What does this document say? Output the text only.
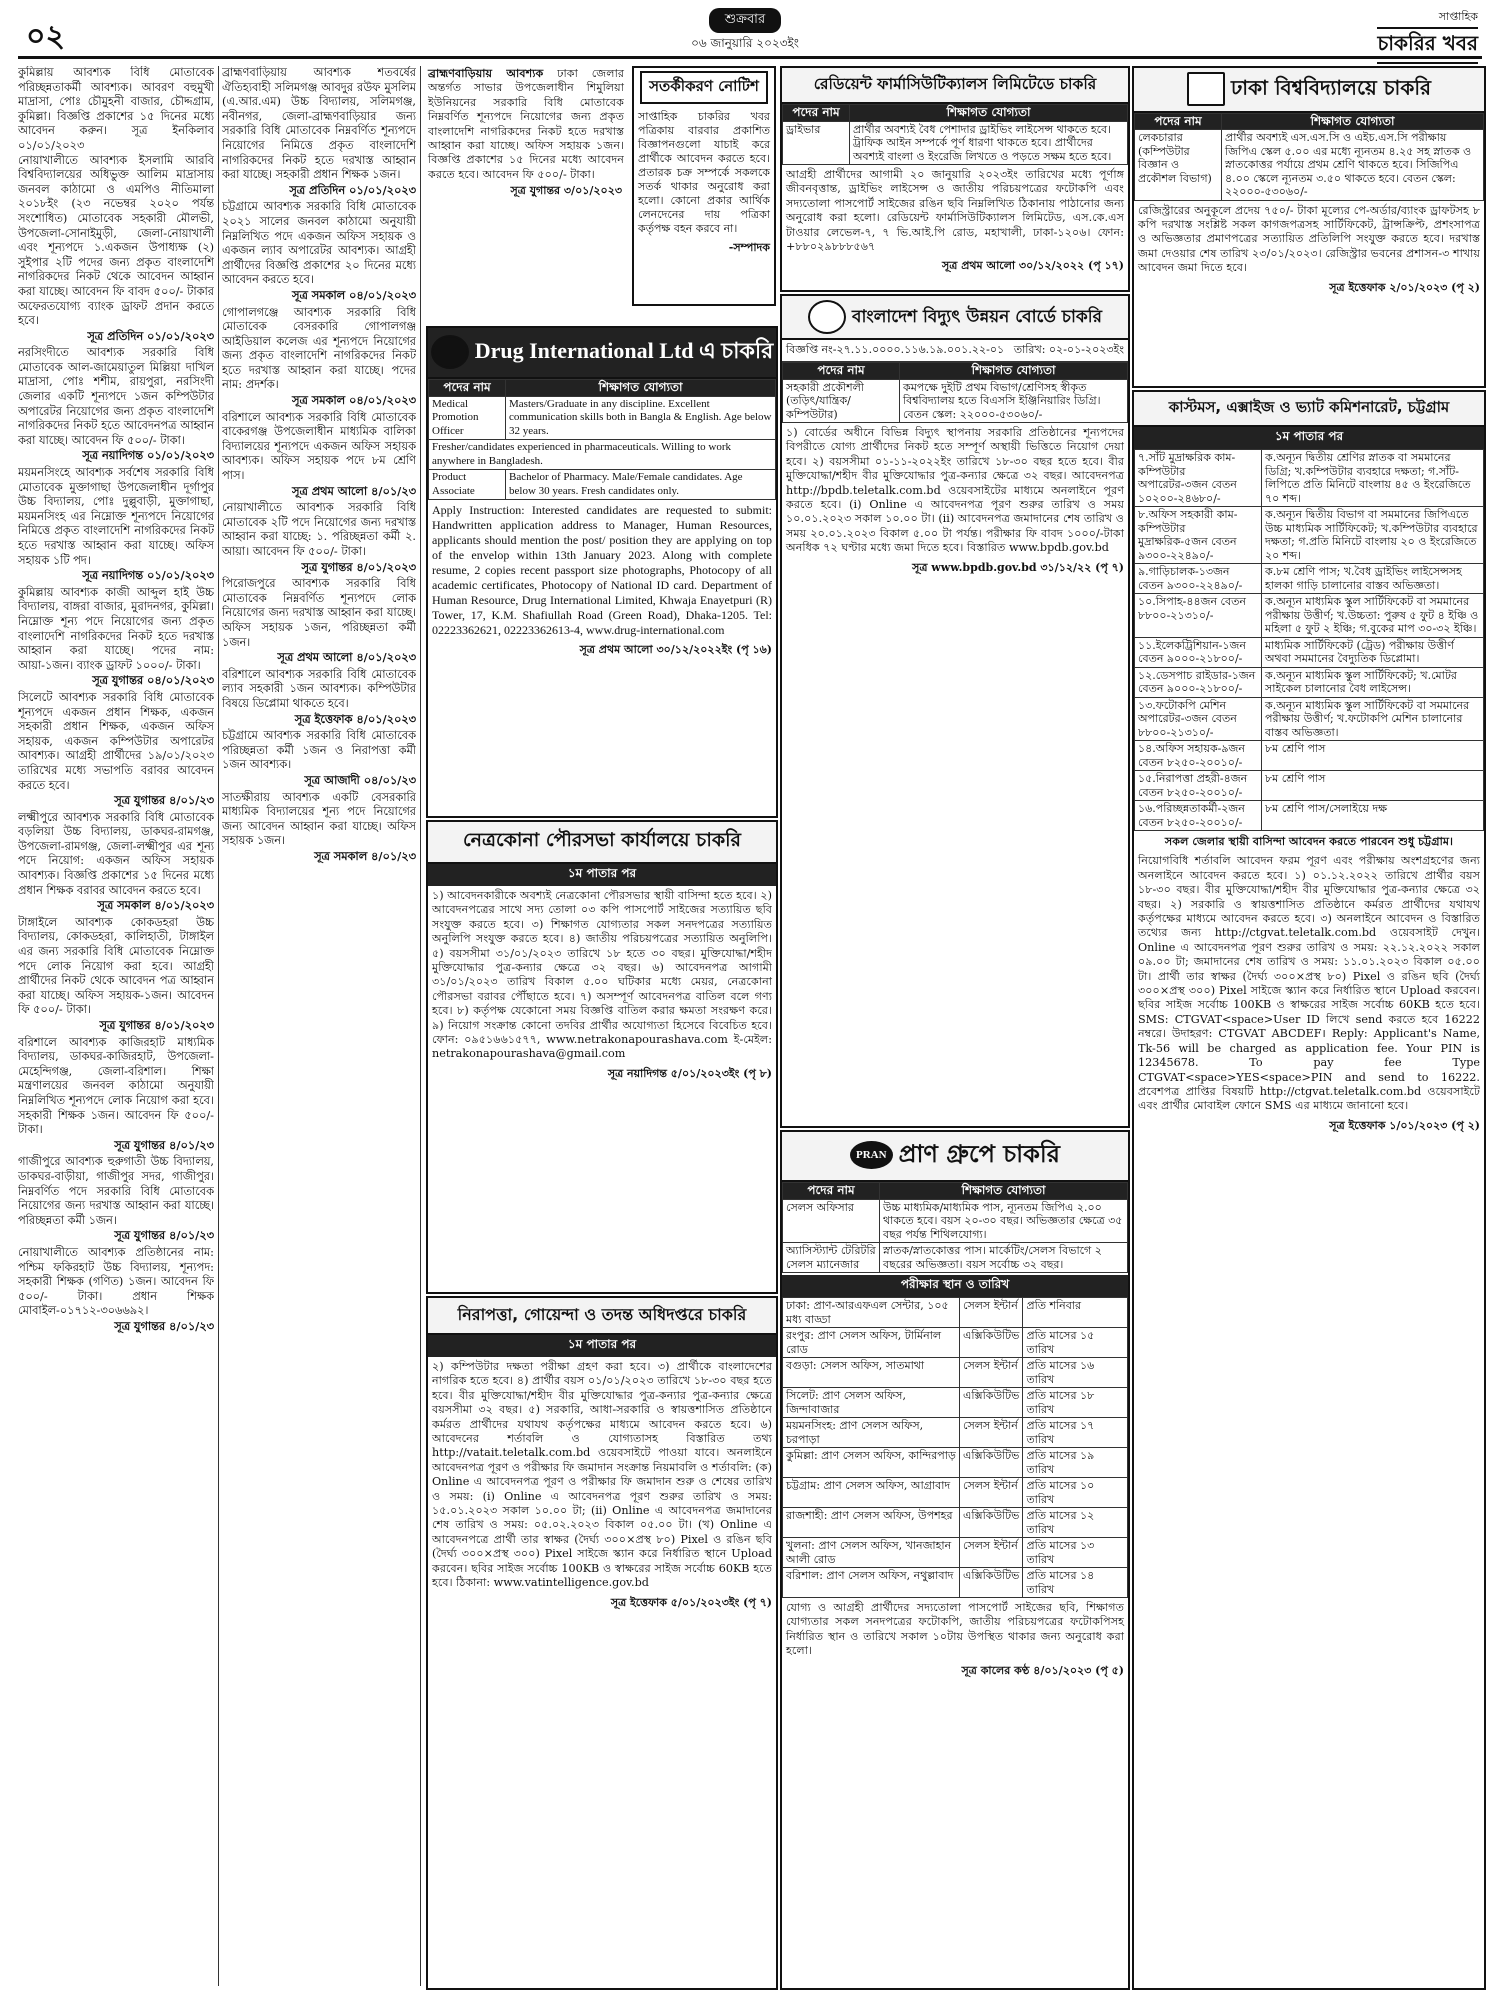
০২	শুক্রবার
০৬ জানুয়ারি ২০২৩ইং
সাপ্তাহিক
চাকরির খবর

কুমিল্লায় আবশ্যক বিধি মোতাবেক পরিচ্ছন্নতাকর্মী আবশ্যক। আবরণ বহুমুখী মাদ্রাসা, পোঃ চৌমুহনী বাজার, চৌদ্দগ্রাম, কুমিল্লা। বিজ্ঞপ্তি প্রকাশের ১৫ দিনের মধ্যে আবেদন করুন। সূত্র ইনকিলাব ০১/০১/২০২৩

নোয়াখালীতে আবশ্যক ইসলামি আরবি বিশ্ববিদ্যালয়ের অধিভুক্ত আলিম মাদ্রাসায় জনবল কাঠামো ও এমপিও নীতিমালা ২০১৮ইং (২৩ নভেম্বর ২০২০ পর্যন্ত সংশোধিত) মোতাবেক সহকারী মৌলভী, উপজেলা-সোনাইমুড়ী, জেলা-নোয়াখালী এবং শূন্যপদে ১.একজন উপাধ্যক্ষ (২) সুইপার ২টি পদের জন্য প্রকৃত বাংলাদেশি নাগরিকদের নিকট থেকে আবেদন আহ্বান করা যাচ্ছে। আবেদন ফি বাবদ ৫০০/- টাকার অফেরতযোগ্য ব্যাংক ড্রাফট প্রদান করতে হবে।

সূত্র প্রতিদিন ০১/০১/২০২৩

নরসিংদীতে আবশ্যক সরকারি বিধি মোতাবেক আল-জামেয়াতুল মিল্লিয়া দাখিল মাদ্রাসা, পোঃ শশীম, রায়পুরা, নরসিংদী জেলার একটি শূন্যপদে ১জন কম্পিউটার অপারেটর নিয়োগের জন্য প্রকৃত বাংলাদেশি নাগরিকদের নিকট হতে আবেদনপত্র আহ্বান করা যাচ্ছে। আবেদন ফি ৫০০/- টাকা।

সূত্র নয়াদিগন্ত ০১/০১/২০২৩

ময়মনসিংহে আবশ্যক সর্বশেষ সরকারি বিধি মোতাবেক মুক্তাগাছা উপজেলাধীন দূর্গাপুর উচ্চ বিদ্যালয়, পোঃ দুল্লুবাড়ী, মুক্তাগাছা, ময়মনসিংহ এর নিম্নোক্ত শূন্যপদে নিয়োগের নিমিত্তে প্রকৃত বাংলাদেশি নাগরিকদের নিকট হতে দরখাস্ত আহ্বান করা যাচ্ছে। অফিস সহায়ক ১টি পদ।

সূত্র নয়াদিগন্ত ০১/০১/২০২৩

কুমিল্লায় আবশ্যক কাজী আব্দুল হাই উচ্চ বিদ্যালয়, বাঙ্গরা বাজার, মুরাদনগর, কুমিল্লা। নিম্নোক্ত শূন্য পদে নিয়োগের জন্য প্রকৃত বাংলাদেশি নাগরিকদের নিকট হতে দরখাস্ত আহ্বান করা যাচ্ছে। পদের নাম: আয়া-১জন। ব্যাংক ড্রাফট ১০০০/- টাকা।

সূত্র যুগান্তর ০৪/০১/২০২৩

সিলেটে আবশ্যক সরকারি বিধি মোতাবেক শূন্যপদে একজন প্রধান শিক্ষক, একজন সহকারী প্রধান শিক্ষক, একজন অফিস সহায়ক, একজন কম্পিউটার অপারেটর আবশ্যক। আগ্রহী প্রার্থীদের ১৯/০১/২০২৩ তারিখের মধ্যে সভাপতি বরাবর আবেদন করতে হবে।

সূত্র যুগান্তর ৪/০১/২৩

লক্ষ্মীপুরে আবশ্যক সরকারি বিধি মোতাবেক বড়লিয়া উচ্চ বিদ্যালয়, ডাকঘর-রামগঞ্জ, উপজেলা-রামগঞ্জ, জেলা-লক্ষ্মীপুর এর শূন্য পদে নিয়োগ: একজন অফিস সহায়ক আবশ্যক। বিজ্ঞপ্তি প্রকাশের ১৫ দিনের মধ্যে প্রধান শিক্ষক বরাবর আবেদন করতে হবে।

সূত্র সমকাল ৪/০১/২০২৩

টাঙ্গাইলে আবশ্যক কোকডহরা উচ্চ বিদ্যালয়, কোকডহরা, কালিহাতী, টাঙ্গাইল এর জন্য সরকারি বিধি মোতাবেক নিম্নোক্ত পদে লোক নিয়োগ করা হবে। আগ্রহী প্রার্থীদের নিকট থেকে আবেদন পত্র আহ্বান করা যাচ্ছে। অফিস সহায়ক-১জন। আবেদন ফি ৫০০/- টাকা।

সূত্র যুগান্তর ৪/০১/২০২৩

বরিশালে আবশ্যক কাজিরহাট মাধ্যমিক বিদ্যালয়, ডাকঘর-কাজিরহাট, উপজেলা-মেহেন্দিগঞ্জ, জেলা-বরিশাল। শিক্ষা মন্ত্রণালয়ের জনবল কাঠামো অনুযায়ী নিম্নলিখিত শূন্যপদে লোক নিয়োগ করা হবে। সহকারী শিক্ষক ১জন। আবেদন ফি ৫০০/- টাকা।

সূত্র যুগান্তর ৪/০১/২৩

গাজীপুরে আবশ্যক হুরুগাতী উচ্চ বিদ্যালয়, ডাকঘর-বাড়ীয়া, গাজীপুর সদর, গাজীপুর। নিম্নবর্ণিত পদে সরকারি বিধি মোতাবেক নিয়োগের জন্য দরখাস্ত আহ্বান করা যাচ্ছে। পরিচ্ছন্নতা কর্মী ১জন।

সূত্র যুগান্তর ৪/০১/২৩

নোয়াখালীতে আবশ্যক প্রতিষ্ঠানের নাম: পশ্চিম ফকিরহাট উচ্চ বিদ্যালয়, শূন্যপদ: সহকারী শিক্ষক (গণিত) ১জন। আবেদন ফি ৫০০/- টাকা। প্রধান শিক্ষক মোবাইল-০১৭১২-৩০৬৬৯২।

সূত্র যুগান্তর ৪/০১/২৩

ব্রাহ্মণবাড়িয়ায় আবশ্যক শতবর্ষের ঐতিহ্যবাহী সলিমগঞ্জ আবদুর রউফ মুসলিম (এ.আর.এম) উচ্চ বিদ্যালয়, সলিমগঞ্জ, নবীনগর, জেলা-ব্রাহ্মণবাড়িয়ার জন্য সরকারি বিধি মোতাবেক নিম্নবর্ণিত শূন্যপদে নিয়োগের নিমিত্তে প্রকৃত বাংলাদেশি নাগরিকদের নিকট হতে দরখাস্ত আহ্বান করা যাচ্ছে। সহকারী প্রধান শিক্ষক ১জন।

সূত্র প্রতিদিন ০১/০১/২০২৩

চট্টগ্রামে আবশ্যক সরকারি বিধি মোতাবেক ২০২১ সালের জনবল কাঠামো অনুযায়ী নিম্নলিখিত পদে একজন অফিস সহায়ক ও একজন ল্যাব অপারেটর আবশ্যক। আগ্রহী প্রার্থীদের বিজ্ঞপ্তি প্রকাশের ২০ দিনের মধ্যে আবেদন করতে হবে।

সূত্র সমকাল ০৪/০১/২০২৩

গোপালগঞ্জে আবশ্যক সরকারি বিধি মোতাবেক বেসরকারি গোপালগঞ্জ আইডিয়াল কলেজ এর শূন্যপদে নিয়োগের জন্য প্রকৃত বাংলাদেশি নাগরিকদের নিকট হতে দরখাস্ত আহ্বান করা যাচ্ছে। পদের নাম: প্রদর্শক।

সূত্র সমকাল ০৪/০১/২০২৩

বরিশালে আবশ্যক সরকারি বিধি মোতাবেক বাকেরগঞ্জ উপজেলাধীন মাধ্যমিক বালিকা বিদ্যালয়ের শূন্যপদে একজন অফিস সহায়ক আবশ্যক। অফিস সহায়ক পদে ৮ম শ্রেণি পাস।

সূত্র প্রথম আলো ৪/০১/২৩

নোয়াখালীতে আবশ্যক সরকারি বিধি মোতাবেক ২টি পদে নিয়োগের জন্য দরখাস্ত আহ্বান করা যাচ্ছে: ১. পরিচ্ছন্নতা কর্মী ২. আয়া। আবেদন ফি ৫০০/- টাকা।

সূত্র যুগান্তর ৪/০১/২০২৩

পিরোজপুরে আবশ্যক সরকারি বিধি মোতাবেক নিম্নবর্ণিত শূন্যপদে লোক নিয়োগের জন্য দরখাস্ত আহ্বান করা যাচ্ছে। অফিস সহায়ক ১জন, পরিচ্ছন্নতা কর্মী ১জন।

সূত্র প্রথম আলো ৪/০১/২০২৩

বরিশালে আবশ্যক সরকারি বিধি মোতাবেক ল্যাব সহকারী ১জন আবশ্যক। কম্পিউটার বিষয়ে ডিপ্লোমা থাকতে হবে।

সূত্র ইত্তেফাক ৪/০১/২০২৩

চট্টগ্রামে আবশ্যক সরকারি বিধি মোতাবেক পরিচ্ছন্নতা কর্মী ১জন ও নিরাপত্তা কর্মী ১জন আবশ্যক।

সূত্র আজাদী ০৪/০১/২৩

সাতক্ষীরায় আবশ্যক একটি বেসরকারি মাধ্যমিক বিদ্যালয়ের শূন্য পদে নিয়োগের জন্য আবেদন আহ্বান করা যাচ্ছে। অফিস সহায়ক ১জন।

সূত্র সমকাল ৪/০১/২৩

ব্রাহ্মণবাড়িয়ায় আবশ্যক ঢাকা জেলার অন্তর্গত সাভার উপজেলাধীন শিমুলিয়া ইউনিয়নের সরকারি বিধি মোতাবেক নিম্নবর্ণিত শূন্যপদে নিয়োগের জন্য প্রকৃত বাংলাদেশি নাগরিকদের নিকট হতে দরখাস্ত আহ্বান করা যাচ্ছে। অফিস সহায়ক ১জন। বিজ্ঞপ্তি প্রকাশের ১৫ দিনের মধ্যে আবেদন করতে হবে। আবেদন ফি ৫০০/- টাকা।
সূত্র যুগান্তর ৩/০১/২০২৩
সতর্কীকরণ নোটিশ
সাপ্তাহিক চাকরির খবর পত্রিকায় বারবার প্রকাশিত বিজ্ঞাপনগুলো যাচাই করে প্রার্থীকে আবেদন করতে হবে। প্রতারক চক্র সম্পর্কে সকলকে সতর্ক থাকার অনুরোধ করা হলো। কোনো প্রকার আর্থিক লেনদেনের দায় পত্রিকা কর্তৃপক্ষ বহন করবে না।
-সম্পাদক
Drug International Ltd এ চাকরি
পদের নাম	শিক্ষাগত যোগ্যতা
Medical Promotion Officer	Masters/Graduate in any discipline. Excellent communication skills both in Bangla & English. Age below 32 years.
Fresher/candidates experienced in pharmaceuticals. Willing to work anywhere in Bangladesh.	
Product Associate	Bachelor of Pharmacy. Male/Female candidates. Age below 30 years. Fresh candidates only.
Apply Instruction: Interested candidates are requested to submit: Handwritten application address to Manager, Human Resources, applicants should mention the post/ position they are applying on top of the envelop within 13th January 2023. Along with complete resume, 2 copies recent passport size photographs, Photocopy of all academic certificates, Photocopy of National ID card. Department of Human Resource, Drug International Limited, Khwaja Enayetpuri (R) Tower, 17, K.M. Shafiullah Road (Green Road), Dhaka-1205. Tel: 02223362621, 02223362613-4, www.drug-international.com
সূত্র প্রথম আলো ৩০/১২/২০২২ইং (পৃ ১৬)
নেত্রকোনা পৌরসভা কার্যালয়ে চাকরি
১ম পাতার পর
১) আবেদনকারীকে অবশ্যই নেত্রকোনা পৌরসভার স্থায়ী বাসিন্দা হতে হবে। ২) আবেদনপত্রের সাথে সদ্য তোলা ০৩ কপি পাসপোর্ট সাইজের সত্যায়িত ছবি সংযুক্ত করতে হবে। ৩) শিক্ষাগত যোগ্যতার সকল সনদপত্রের সত্যায়িত অনুলিপি সংযুক্ত করতে হবে। ৪) জাতীয় পরিচয়পত্রের সত্যায়িত অনুলিপি। ৫) বয়সসীমা ৩১/০১/২০২৩ তারিখে ১৮ হতে ৩০ বছর। মুক্তিযোদ্ধা/শহীদ মুক্তিযোদ্ধার পুত্র-কন্যার ক্ষেত্রে ৩২ বছর। ৬) আবেদনপত্র আগামী ৩১/০১/২০২৩ তারিখ বিকাল ৫.০০ ঘটিকার মধ্যে মেয়র, নেত্রকোনা পৌরসভা বরাবর পৌঁছাতে হবে। ৭) অসম্পূর্ণ আবেদনপত্র বাতিল বলে গণ্য হবে। ৮) কর্তৃপক্ষ যেকোনো সময় বিজ্ঞপ্তি বাতিল করার ক্ষমতা সংরক্ষণ করে। ৯) নিয়োগ সংক্রান্ত কোনো তদবির প্রার্থীর অযোগ্যতা হিসেবে বিবেচিত হবে। ফোন: ০৯৫১৬৬১৫৭৭, www.netrakonapourashava.com ই-মেইল: netrakonapourashava@gmail.com
সূত্র নয়াদিগন্ত ৫/০১/২০২৩ইং (পৃ ৮)
নিরাপত্তা, গোয়েন্দা ও তদন্ত অধিদপ্তরে চাকরি
১ম পাতার পর
২) কম্পিউটার দক্ষতা পরীক্ষা গ্রহণ করা হবে। ৩) প্রার্থীকে বাংলাদেশের নাগরিক হতে হবে। ৪) প্রার্থীর বয়স ০১/০১/২০২৩ তারিখে ১৮-৩০ বছর হতে হবে। বীর মুক্তিযোদ্ধা/শহীদ বীর মুক্তিযোদ্ধার পুত্র-কন্যার পুত্র-কন্যার ক্ষেত্রে বয়সসীমা ৩২ বছর। ৫) সরকারি, আধা-সরকারি ও স্বায়ত্তশাসিত প্রতিষ্ঠানে কর্মরত প্রার্থীদের যথাযথ কর্তৃপক্ষের মাধ্যমে আবেদন করতে হবে। ৬) আবেদনের শর্তাবলি ও যোগ্যতাসহ বিস্তারিত তথ্য http://vatait.teletalk.com.bd ওয়েবসাইটে পাওয়া যাবে। অনলাইনে আবেদনপত্র পূরণ ও পরীক্ষার ফি জমাদান সংক্রান্ত নিয়মাবলি ও শর্তাবলি: (ক) Online এ আবেদনপত্র পূরণ ও পরীক্ষার ফি জমাদান শুরু ও শেষের তারিখ ও সময়: (i) Online এ আবেদনপত্র পূরণ শুরুর তারিখ ও সময়: ১৫.০১.২০২৩ সকাল ১০.০০ টা; (ii) Online এ আবেদনপত্র জমাদানের শেষ তারিখ ও সময়: ০৫.০২.২০২৩ বিকাল ০৫.০০ টা। (খ) Online এ আবেদনপত্রে প্রার্থী তার স্বাক্ষর (দৈর্ঘ্য ৩০০×প্রস্থ ৮০) Pixel ও রঙিন ছবি (দৈর্ঘ্য ৩০০×প্রস্থ ৩০০) Pixel সাইজে স্ক্যান করে নির্ধারিত স্থানে Upload করবেন। ছবির সাইজ সর্বোচ্চ 100KB ও স্বাক্ষরের সাইজ সর্বোচ্চ 60KB হতে হবে। ঠিকানা: www.vatintelligence.gov.bd
সূত্র ইত্তেফাক ৫/০১/২০২৩ইং (পৃ ৭)
রেডিয়েন্ট ফার্মাসিউটিক্যালস লিমিটেডে চাকরি
পদের নাম	শিক্ষাগত যোগ্যতা
ড্রাইভার	প্রার্থীর অবশ্যই বৈধ পেশাদার ড্রাইভিং লাইসেন্স থাকতে হবে। ট্রাফিক আইন সম্পর্কে পূর্ণ ধারণা থাকতে হবে। প্রার্থীদের অবশ্যই বাংলা ও ইংরেজি লিখতে ও পড়তে সক্ষম হতে হবে।
আগ্রহী প্রার্থীদের আগামী ২০ জানুয়ারি ২০২৩ইং তারিখের মধ্যে পূর্ণাঙ্গ জীবনবৃত্তান্ত, ড্রাইভিং লাইসেন্স ও জাতীয় পরিচয়পত্রের ফটোকপি এবং সদ্যতোলা পাসপোর্ট সাইজের রঙিন ছবি নিম্নলিখিত ঠিকানায় পাঠানোর জন্য অনুরোধ করা হলো। রেডিয়েন্ট ফার্মাসিউটিক্যালস লিমিটেড, এস.কে.এস টাওয়ার লেভেল-৭, ৭ ভি.আই.পি রোড, মহাখালী, ঢাকা-১২০৬। ফোন: +৮৮০২৯৮৮৮৫৬৭
সূত্র প্রথম আলো ৩০/১২/২০২২ (পৃ ১৭)
বাংলাদেশ বিদ্যুৎ উন্নয়ন বোর্ডে চাকরি
বিজ্ঞপ্তি নং-২৭.১১.০০০০.১১৬.১৯.০০১.২২-০১ তারিখ: ০২-০১-২০২৩ইং
পদের নাম	শিক্ষাগত যোগ্যতা
সহকারী প্রকৌশলী (তড়িৎ/যান্ত্রিক/কম্পিউটার)	কমপক্ষে দুইটি প্রথম বিভাগ/শ্রেণিসহ স্বীকৃত বিশ্ববিদ্যালয় হতে বিএসসি ইঞ্জিনিয়ারিং ডিগ্রি। বেতন স্কেল: ২২০০০-৫৩০৬০/-
১) বোর্ডের অধীনে বিভিন্ন বিদ্যুৎ স্থাপনায় সরকারি প্রতিষ্ঠানের শূন্যপদের বিপরীতে যোগ্য প্রার্থীদের নিকট হতে সম্পূর্ণ অস্থায়ী ভিত্তিতে নিয়োগ দেয়া হবে। ২) বয়সসীমা ০১-১১-২০২২ইং তারিখে ১৮-৩০ বছর হতে হবে। বীর মুক্তিযোদ্ধা/শহীদ বীর মুক্তিযোদ্ধার পুত্র-কন্যার ক্ষেত্রে ৩২ বছর। আবেদনপত্র http://bpdb.teletalk.com.bd ওয়েবসাইটের মাধ্যমে অনলাইনে পূরণ করতে হবে। (i) Online এ আবেদনপত্র পূরণ শুরুর তারিখ ও সময় ১০.০১.২০২৩ সকাল ১০.০০ টা। (ii) আবেদনপত্র জমাদানের শেষ তারিখ ও সময় ২০.০১.২০২৩ বিকাল ৫.০০ টা পর্যন্ত। পরীক্ষার ফি বাবদ ১০০০/-টাকা অনধিক ৭২ ঘণ্টার মধ্যে জমা দিতে হবে। বিস্তারিত www.bpdb.gov.bd
সূত্র www.bpdb.gov.bd ৩১/১২/২২ (পৃ ৭)
PRAN প্রাণ গ্রুপে চাকরি
পদের নাম	শিক্ষাগত যোগ্যতা
সেলস অফিসার	উচ্চ মাধ্যমিক/মাধ্যমিক পাস, ন্যূনতম জিপিএ ২.০০ থাকতে হবে। বয়স ২০-৩০ বছর। অভিজ্ঞতার ক্ষেত্রে ৩৫ বছর পর্যন্ত শিথিলযোগ্য।
অ্যাসিস্ট্যান্ট টেরিটরি সেলস ম্যানেজার	স্নাতক/স্নাতকোত্তর পাস। মার্কেটিং/সেলস বিভাগে ২ বছরের অভিজ্ঞতা। বয়স সর্বোচ্চ ৩২ বছর।
পরীক্ষার স্থান ও তারিখ
ঢাকা: প্রাণ-আরএফএল সেন্টার, ১০৫ মধ্য বাড্ডা	সেলস ইন্টার্ন	প্রতি শনিবার
রংপুর: প্রাণ সেলস অফিস, টার্মিনাল রোড	এক্সিকিউটিভ	প্রতি মাসের ১৫ তারিখ
বগুড়া: সেলস অফিস, সাতমাথা	সেলস ইন্টার্ন	প্রতি মাসের ১৬ তারিখ
সিলেট: প্রাণ সেলস অফিস, জিন্দাবাজার	এক্সিকিউটিভ	প্রতি মাসের ১৮ তারিখ
ময়মনসিংহ: প্রাণ সেলস অফিস, চরপাড়া	সেলস ইন্টার্ন	প্রতি মাসের ১৭ তারিখ
কুমিল্লা: প্রাণ সেলস অফিস, কান্দিরপাড়	এক্সিকিউটিভ	প্রতি মাসের ১৯ তারিখ
চট্টগ্রাম: প্রাণ সেলস অফিস, আগ্রাবাদ	সেলস ইন্টার্ন	প্রতি মাসের ১০ তারিখ
রাজশাহী: প্রাণ সেলস অফিস, উপশহর	এক্সিকিউটিভ	প্রতি মাসের ১২ তারিখ
খুলনা: প্রাণ সেলস অফিস, খানজাহান আলী রোড	সেলস ইন্টার্ন	প্রতি মাসের ১৩ তারিখ
বরিশাল: প্রাণ সেলস অফিস, নথুল্লাবাদ	এক্সিকিউটিভ	প্রতি মাসের ১৪ তারিখ
যোগ্য ও আগ্রহী প্রার্থীদের সদ্যতোলা পাসপোর্ট সাইজের ছবি, শিক্ষাগত যোগ্যতার সকল সনদপত্রের ফটোকপি, জাতীয় পরিচয়পত্রের ফটোকপিসহ নির্ধারিত স্থান ও তারিখে সকাল ১০টায় উপস্থিত থাকার জন্য অনুরোধ করা হলো।
সূত্র কালের কণ্ঠ ৪/০১/২০২৩ (পৃ ৫)
ঢাকা বিশ্ববিদ্যালয়ে চাকরি
পদের নাম	শিক্ষাগত যোগ্যতা
লেকচারার (কম্পিউটার বিজ্ঞান ও প্রকৌশল বিভাগ)	প্রার্থীর অবশ্যই এস.এস.সি ও এইচ.এস.সি পরীক্ষায় জিপিএ স্কেল ৫.০০ এর মধ্যে ন্যূনতম ৪.২৫ সহ স্নাতক ও স্নাতকোত্তর পর্যায়ে প্রথম শ্রেণি থাকতে হবে। সিজিপিএ ৪.০০ স্কেলে ন্যূনতম ৩.৫০ থাকতে হবে। বেতন স্কেল: ২২০০০-৫৩০৬০/-
রেজিস্ট্রারের অনুকূলে প্রদেয় ৭৫০/- টাকা মূল্যের পে-অর্ডার/ব্যাংক ড্রাফটসহ ৮ কপি দরখাস্ত সংশ্লিষ্ট সকল কাগজপত্রসহ সার্টিফিকেট, ট্রান্সক্রিপ্ট, প্রশংসাপত্র ও অভিজ্ঞতার প্রমাণপত্রের সত্যায়িত প্রতিলিপি সংযুক্ত করতে হবে। দরখাস্ত জমা দেওয়ার শেষ তারিখ ২৩/০১/২০২৩। রেজিস্ট্রার ভবনের প্রশাসন-৩ শাখায় আবেদন জমা দিতে হবে।
সূত্র ইত্তেফাক ২/০১/২০২৩ (পৃ ২)
কাস্টমস, এক্সাইজ ও ভ্যাট কমিশনারেট, চট্টগ্রাম
১ম পাতার পর
৭.সাঁট মুদ্রাক্ষরিক কাম-কম্পিউটার অপারেটর-৩জন বেতন ১০২০০-২৪৬৮০/-	ক.অন্যূন দ্বিতীয় শ্রেণির স্নাতক বা সমমানের ডিগ্রি; খ.কম্পিউটার ব্যবহারে দক্ষতা; গ.সাঁট-লিপিতে প্রতি মিনিটে বাংলায় ৪৫ ও ইংরেজিতে ৭০ শব্দ।
৮.অফিস সহকারী কাম-কম্পিউটার মুদ্রাক্ষরিক-৫জন বেতন ৯৩০০-২২৪৯০/-	ক.অন্যূন দ্বিতীয় বিভাগ বা সমমানের জিপিএতে উচ্চ মাধ্যমিক সার্টিফিকেট; খ.কম্পিউটার ব্যবহারে দক্ষতা; গ.প্রতি মিনিটে বাংলায় ২০ ও ইংরেজিতে ২০ শব্দ।
৯.গাড়িচালক-১৩জন বেতন ৯৩০০-২২৪৯০/-	ক.৮ম শ্রেণি পাস; খ.বৈধ ড্রাইভিং লাইসেন্সসহ হালকা গাড়ি চালানোর বাস্তব অভিজ্ঞতা।
১০.সিপাহ-৪৪জন বেতন ৮৮০০-২১৩১০/-	ক.অন্যূন মাধ্যমিক স্কুল সার্টিফিকেট বা সমমানের পরীক্ষায় উত্তীর্ণ; খ.উচ্চতা: পুরুষ ৫ ফুট ৪ ইঞ্চি ও মহিলা ৫ ফুট ২ ইঞ্চি; গ.বুকের মাপ ৩০-৩২ ইঞ্চি।
১১.ইলেকট্রিশিয়ান-১জন বেতন ৯০০০-২১৮০০/-	মাধ্যমিক সার্টিফিকেট (ট্রেড) পরীক্ষায় উত্তীর্ণ অথবা সমমানের বৈদ্যুতিক ডিপ্লোমা।
১২.ডেসপাচ রাইডার-১জন বেতন ৯০০০-২১৮০০/-	ক.অন্যূন মাধ্যমিক স্কুল সার্টিফিকেট; খ.মোটর সাইকেল চালানোর বৈধ লাইসেন্স।
১৩.ফটোকপি মেশিন অপারেটর-৩জন বেতন ৮৮০০-২১৩১০/-	ক.অন্যূন মাধ্যমিক স্কুল সার্টিফিকেট বা সমমানের পরীক্ষায় উত্তীর্ণ; খ.ফটোকপি মেশিন চালানোর বাস্তব অভিজ্ঞতা।
১৪.অফিস সহায়ক-৯জন বেতন ৮২৫০-২০০১০/-	৮ম শ্রেণি পাস
১৫.নিরাপত্তা প্রহরী-৪জন বেতন ৮২৫০-২০০১০/-	৮ম শ্রেণি পাস
১৬.পরিচ্ছন্নতাকর্মী-২জন বেতন ৮২৫০-২০০১০/-	৮ম শ্রেণি পাস/সেলাইয়ে দক্ষ
সকল জেলার স্থায়ী বাসিন্দা আবেদন করতে পারবেন শুধু চট্টগ্রাম।
নিয়োগবিধি শর্তাবলি আবেদন ফরম পূরণ এবং পরীক্ষায় অংশগ্রহণের জন্য অনলাইনে আবেদন করতে হবে। ১) ০১.১২.২০২২ তারিখে প্রার্থীর বয়স ১৮-৩০ বছর। বীর মুক্তিযোদ্ধা/শহীদ বীর মুক্তিযোদ্ধার পুত্র-কন্যার ক্ষেত্রে ৩২ বছর। ২) সরকারি ও স্বায়ত্তশাসিত প্রতিষ্ঠানে কর্মরত প্রার্থীদের যথাযথ কর্তৃপক্ষের মাধ্যমে আবেদন করতে হবে। ৩) অনলাইনে আবেদন ও বিস্তারিত তথ্যের জন্য http://ctgvat.teletalk.com.bd ওয়েবসাইট দেখুন। Online এ আবেদনপত্র পূরণ শুরুর তারিখ ও সময়: ২২.১২.২০২২ সকাল ০৯.০০ টা; জমাদানের শেষ তারিখ ও সময়: ১১.০১.২০২৩ বিকাল ০৫.০০ টা। প্রার্থী তার স্বাক্ষর (দৈর্ঘ্য ৩০০×প্রস্থ ৮০) Pixel ও রঙিন ছবি (দৈর্ঘ্য ৩০০×প্রস্থ ৩০০) Pixel সাইজে স্ক্যান করে নির্ধারিত স্থানে Upload করবেন। ছবির সাইজ সর্বোচ্চ 100KB ও স্বাক্ষরের সাইজ সর্বোচ্চ 60KB হতে হবে। SMS: CTGVAT<space>User ID লিখে send করতে হবে 16222 নম্বরে। উদাহরণ: CTGVAT ABCDEF। Reply: Applicant's Name, Tk-56 will be charged as application fee. Your PIN is 12345678. To pay fee Type CTGVAT<space>YES<space>PIN and send to 16222. প্রবেশপত্র প্রাপ্তির বিষয়টি http://ctgvat.teletalk.com.bd ওয়েবসাইটে এবং প্রার্থীর মোবাইল ফোনে SMS এর মাধ্যমে জানানো হবে।
সূত্র ইত্তেফাক ১/০১/২০২৩ (পৃ ২)
